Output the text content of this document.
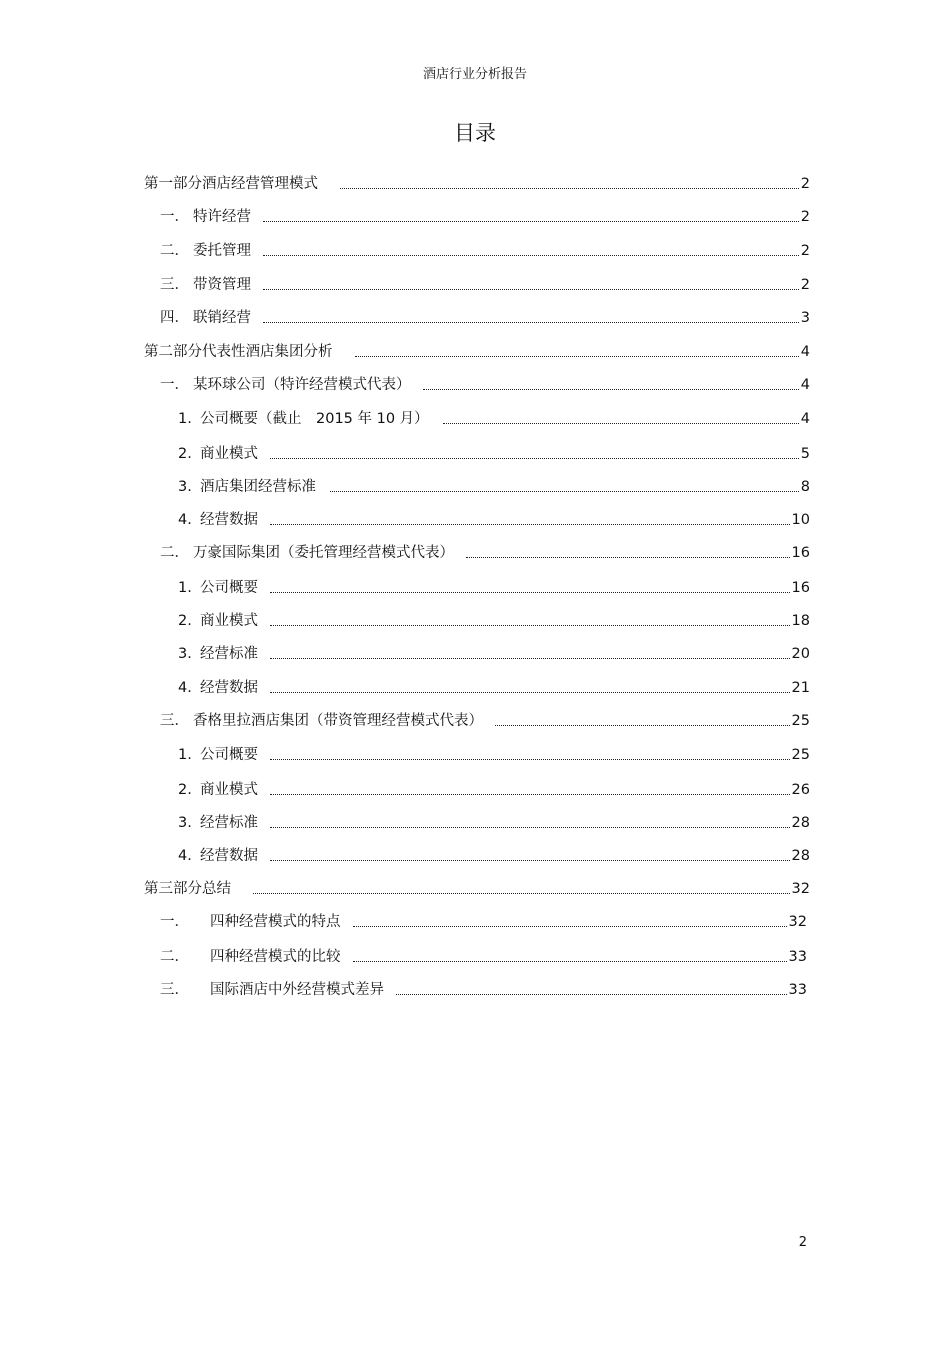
酒店行业分析报告
目录
第一部分酒店经营管理模式	2
一． 特许经营	2
二． 委托管理	2
三． 带资管理	2
四． 联销经营	3
第二部分代表性酒店集团分析	4
一． 某环球公司（特许经营模式代表）	4
1. 公司概要（截止　2015 年 10 月）	4
2. 商业模式	5
3. 酒店集团经营标准	8
4. 经营数据	10
二． 万豪国际集团（委托管理经营模式代表）	16
1. 公司概要	16
2. 商业模式	18
3. 经营标准	20
4. 经营数据	21
三． 香格里拉酒店集团（带资管理经营模式代表）	25
1. 公司概要	25
2. 商业模式	26
3. 经营标准	28
4. 经营数据	28
第三部分总结	32
一． 四种经营模式的特点	32
二． 四种经营模式的比较	33
三． 国际酒店中外经营模式差异	33
2
